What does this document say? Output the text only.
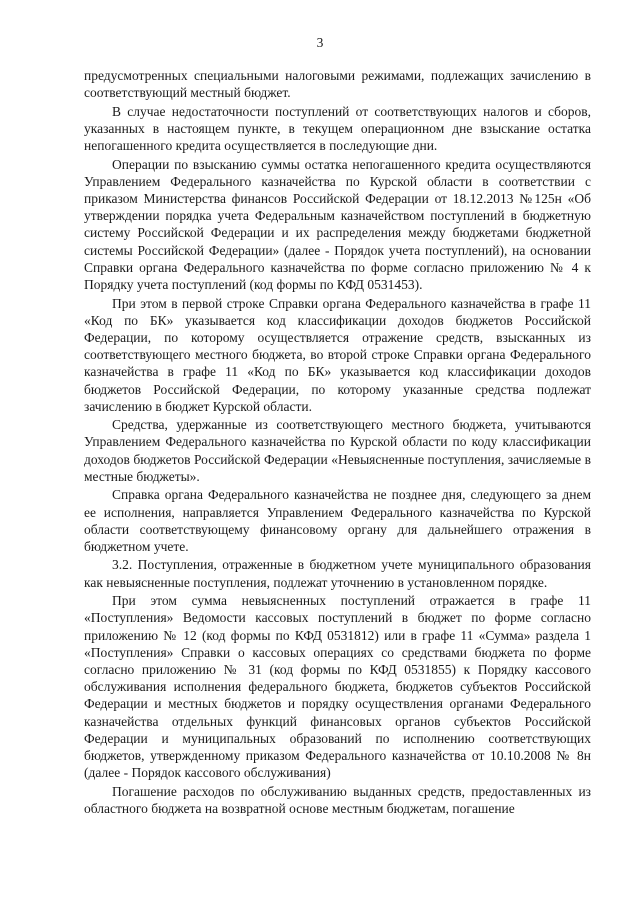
3

предусмотренных специальными налоговыми режимами, подлежащих зачислению в соответствующий местный бюджет.

В случае недостаточности поступлений от соответствующих налогов и сборов, указанных в настоящем пункте, в текущем операционном дне взыскание остатка непогашенного кредита осуществляется в последующие дни.

Операции по взысканию суммы остатка непогашенного кредита осуществляются Управлением Федерального казначейства по Курской области в соответствии с приказом Министерства финансов Российской Федерации от 18.12.2013 №125н «Об утверждении порядка учета Федеральным казначейством поступлений в бюджетную систему Российской Федерации и их распределения между бюджетами бюджетной системы Российской Федерации» (далее - Порядок учета поступлений), на основании Справки органа Федерального казначейства по форме согласно приложению № 4 к Порядку учета поступлений (код формы по КФД 0531453).

При этом в первой строке Справки органа Федерального казначейства в графе 11 «Код по БК» указывается код классификации доходов бюджетов Российской Федерации, по которому осуществляется отражение средств, взысканных из соответствующего местного бюджета, во второй строке Справки органа Федерального казначейства в графе 11 «Код по БК» указывается код классификации доходов бюджетов Российской Федерации, по которому указанные средства подлежат зачислению в бюджет Курской области.

Средства, удержанные из соответствующего местного бюджета, учитываются Управлением Федерального казначейства по Курской области по коду классификации доходов бюджетов Российской Федерации «Невыясненные поступления, зачисляемые в местные бюджеты».

Справка органа Федерального казначейства не позднее дня, следующего за днем ее исполнения, направляется Управлением Федерального казначейства по Курской области соответствующему финансовому органу для дальнейшего отражения в бюджетном учете.

3.2. Поступления, отраженные в бюджетном учете муниципального образования как невыясненные поступления, подлежат уточнению в установленном порядке.

При этом сумма невыясненных поступлений отражается в графе 11 «Поступления» Ведомости кассовых поступлений в бюджет по форме согласно приложению № 12 (код формы по КФД 0531812) или в графе 11 «Сумма» раздела 1 «Поступления» Справки о кассовых операциях со средствами бюджета по форме согласно приложению № 31 (код формы по КФД 0531855) к Порядку кассового обслуживания исполнения федерального бюджета, бюджетов субъектов Российской Федерации и местных бюджетов и порядку осуществления органами Федерального казначейства отдельных функций финансовых органов субъектов Российской Федерации и муниципальных образований по исполнению соответствующих бюджетов, утвержденному приказом Федерального казначейства от 10.10.2008 № 8н (далее - Порядок кассового обслуживания)

Погашение расходов по обслуживанию выданных средств, предоставленных из областного бюджета на возвратной основе местным бюджетам, погашение
